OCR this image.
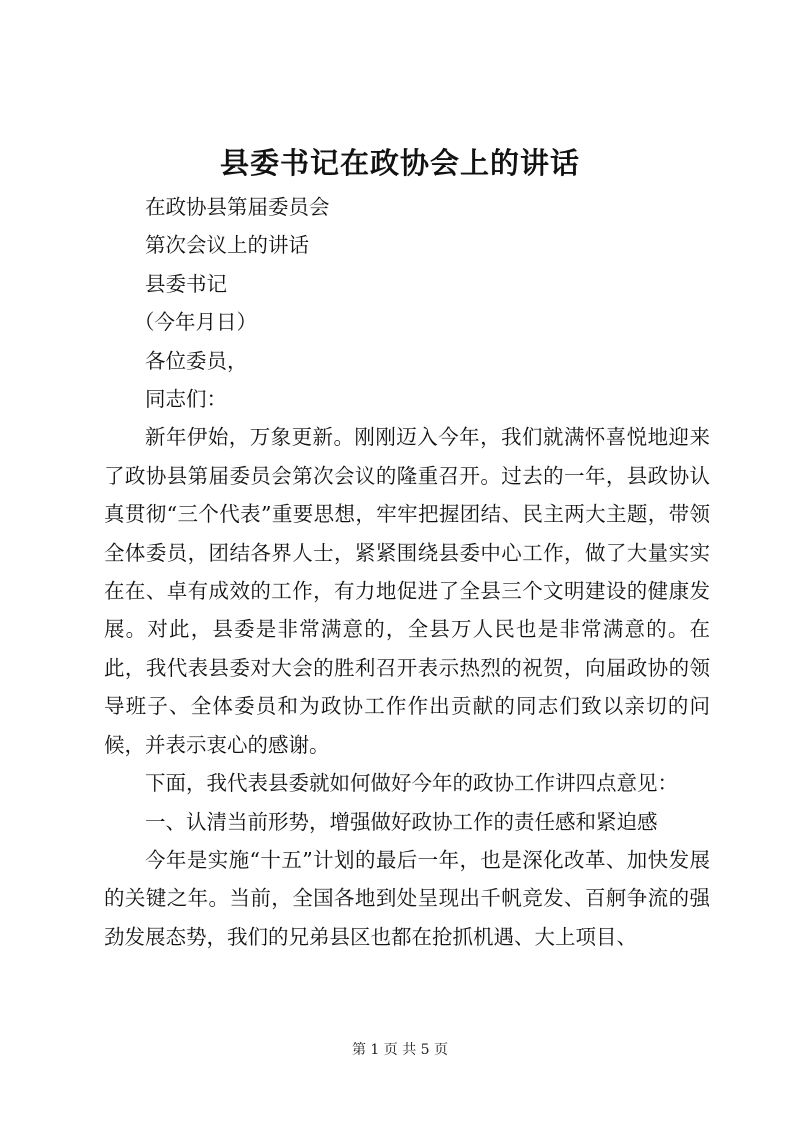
县委书记在政协会上的讲话

在政协县第届委员会

第次会议上的讲话

县委书记

（今年月日）

各位委员，

同志们：

新年伊始，万象更新。刚刚迈入今年，我们就满怀喜悦地迎来了政协县第届委员会第次会议的隆重召开。过去的一年，县政协认真贯彻“三个代表”重要思想，牢牢把握团结、民主两大主题，带领全体委员，团结各界人士，紧紧围绕县委中心工作，做了大量实实在在、卓有成效的工作，有力地促进了全县三个文明建设的健康发展。对此，县委是非常满意的，全县万人民也是非常满意的。在此，我代表县委对大会的胜利召开表示热烈的祝贺，向届政协的领导班子、全体委员和为政协工作作出贡献的同志们致以亲切的问候，并表示衷心的感谢。

下面，我代表县委就如何做好今年的政协工作讲四点意见：

一、认清当前形势，增强做好政协工作的责任感和紧迫感

今年是实施“十五”计划的最后一年，也是深化改革、加快发展的关键之年。当前，全国各地到处呈现出千帆竞发、百舸争流的强劲发展态势，我们的兄弟县区也都在抢抓机遇、大上项目、

第 1 页 共 5 页
